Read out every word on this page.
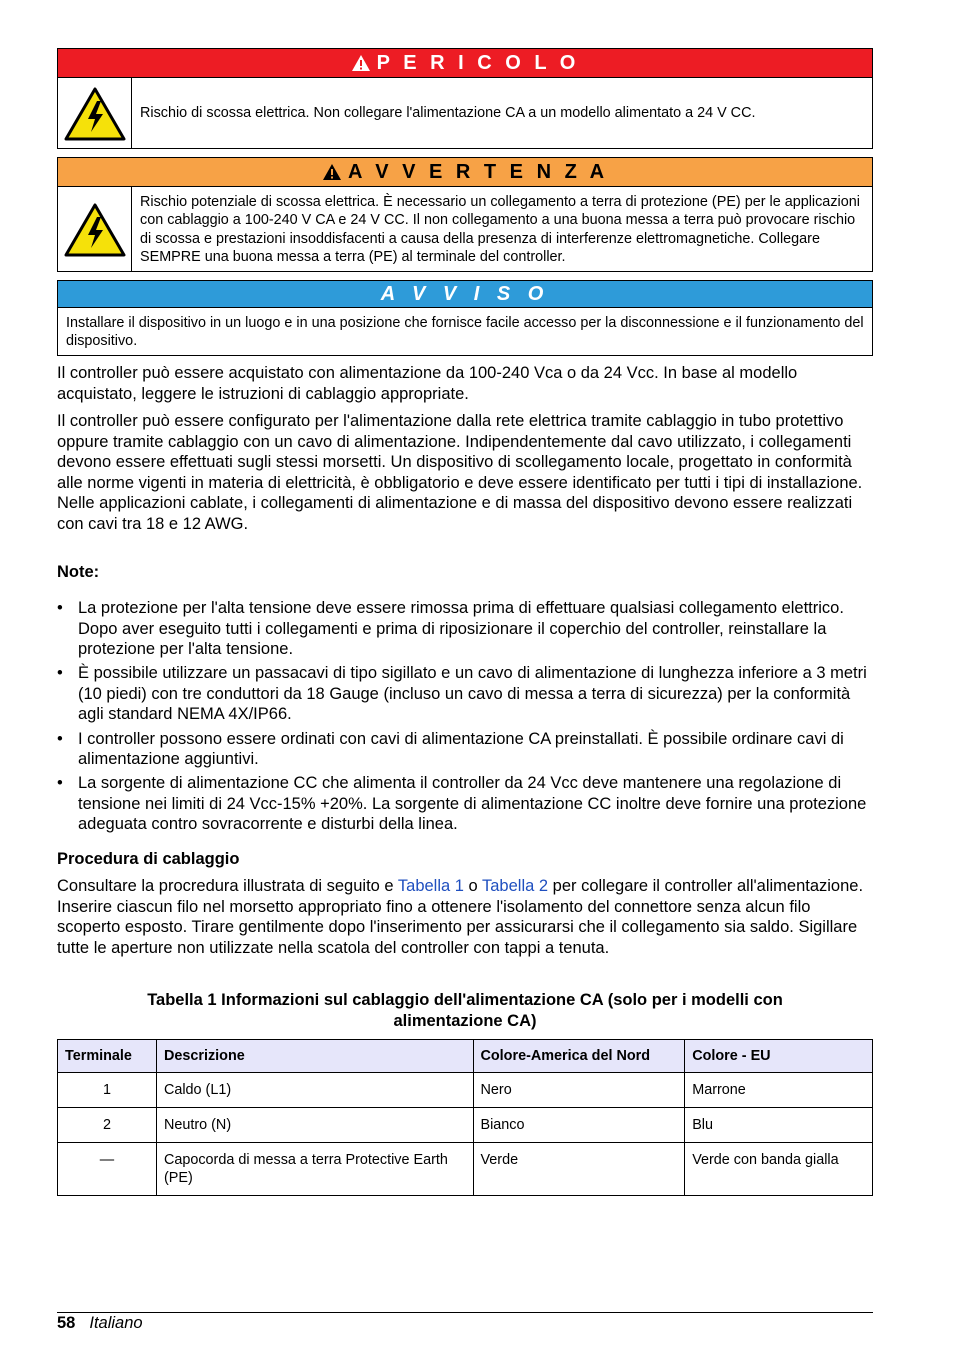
P E R I C O L O
Rischio di scossa elettrica. Non collegare l'alimentazione CA a un modello alimentato a 24 V CC.
A V V E R T E N Z A
Rischio potenziale di scossa elettrica. È necessario un collegamento a terra di protezione (PE) per le applicazioni con cablaggio a 100-240 V CA e 24 V CC. Il non collegamento a una buona messa a terra può provocare rischio di scossa e prestazioni insoddisfacenti a causa della presenza di interferenze elettromagnetiche. Collegare SEMPRE una buona messa a terra (PE) al terminale del controller.
A V V I S O
Installare il dispositivo in un luogo e in una posizione che fornisce facile accesso per la disconnessione e il funzionamento del dispositivo.

Il controller può essere acquistato con alimentazione da 100-240 Vca o da 24 Vcc. In base al modello acquistato, leggere le istruzioni di cablaggio appropriate.

Il controller può essere configurato per l'alimentazione dalla rete elettrica tramite cablaggio in tubo protettivo oppure tramite cablaggio con un cavo di alimentazione. Indipendentemente dal cavo utilizzato, i collegamenti devono essere effettuati sugli stessi morsetti. Un dispositivo di scollegamento locale, progettato in conformità alle norme vigenti in materia di elettricità, è obbligatorio e deve essere identificato per tutti i tipi di installazione. Nelle applicazioni cablate, i collegamenti di alimentazione e di massa del dispositivo devono essere realizzati con cavi tra 18 e 12 AWG.

Note:

• La protezione per l'alta tensione deve essere rimossa prima di effettuare qualsiasi collegamento elettrico. Dopo aver eseguito tutti i collegamenti e prima di riposizionare il coperchio del controller, reinstallare la protezione per l'alta tensione.
• È possibile utilizzare un passacavi di tipo sigillato e un cavo di alimentazione di lunghezza inferiore a 3 metri (10 piedi) con tre conduttori da 18 Gauge (incluso un cavo di messa a terra di sicurezza) per la conformità agli standard NEMA 4X/IP66.
• I controller possono essere ordinati con cavi di alimentazione CA preinstallati. È possibile ordinare cavi di alimentazione aggiuntivi.
• La sorgente di alimentazione CC che alimenta il controller da 24 Vcc deve mantenere una regolazione di tensione nei limiti di 24 Vcc-15% +20%. La sorgente di alimentazione CC inoltre deve fornire una protezione adeguata contro sovracorrente e disturbi della linea.

Procedura di cablaggio

Consultare la procredura illustrata di seguito e Tabella 1 o Tabella 2 per collegare il controller all'alimentazione. Inserire ciascun filo nel morsetto appropriato fino a ottenere l'isolamento del connettore senza alcun filo scoperto esposto. Tirare gentilmente dopo l'inserimento per assicurarsi che il collegamento sia saldo. Sigillare tutte le aperture non utilizzate nella scatola del controller con tappi a tenuta.

Tabella 1 Informazioni sul cablaggio dell'alimentazione CA (solo per i modelli con
alimentazione CA)
Terminale	Descrizione	Colore-America del Nord	Colore - EU
1	Caldo (L1)	Nero	Marrone
2	Neutro (N)	Bianco	Blu
—	Capocorda di messa a terra Protective Earth (PE)	Verde	Verde con banda gialla
58 Italiano
